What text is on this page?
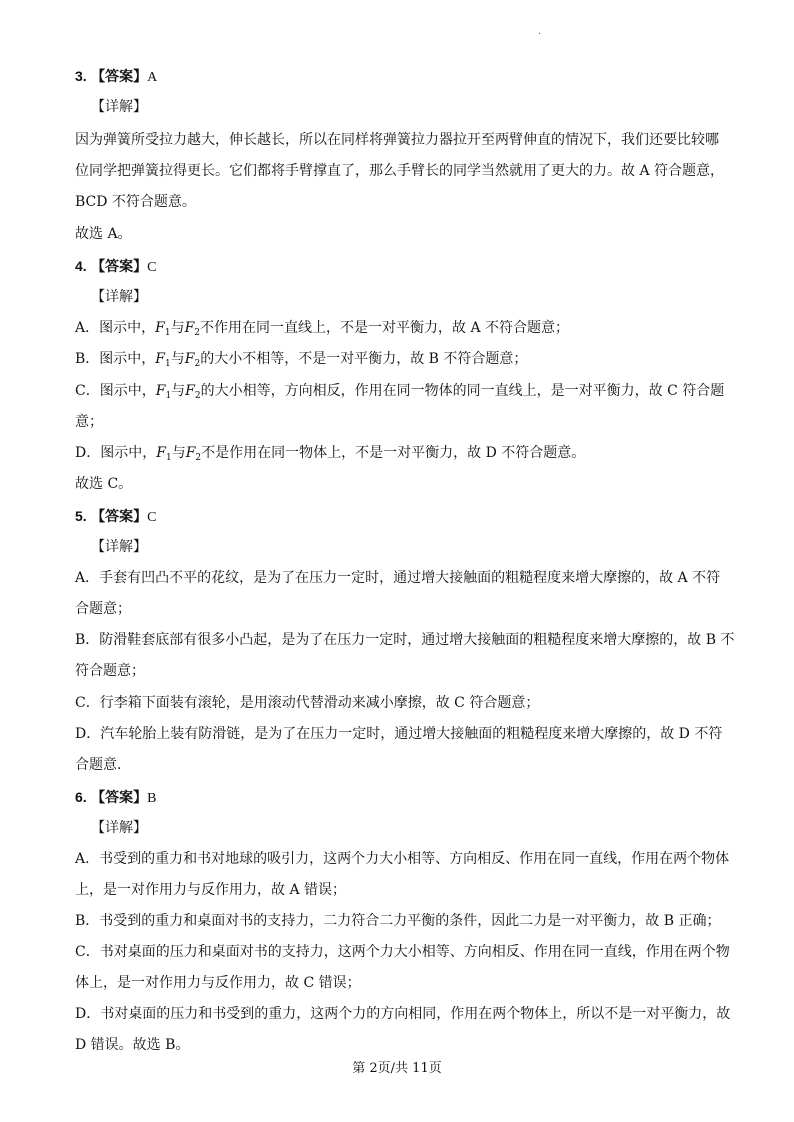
.
3. 【答案】A
【详解】
因为弹簧所受拉力越大，伸长越长，所以在同样将弹簧拉力器拉开至两臂伸直的情况下，我们还要比较哪
位同学把弹簧拉得更长。它们都将手臂撑直了，那么手臂长的同学当然就用了更大的力。故 A 符合题意，
BCD 不符合题意。
故选 A。
4. 【答案】C
【详解】
A．图示中，$F_1$与$F_2$不作用在同一直线上，不是一对平衡力，故 A 不符合题意；
B．图示中，$F_1$与$F_2$的大小不相等，不是一对平衡力，故 B 不符合题意；
C．图示中，$F_1$与$F_2$的大小相等，方向相反，作用在同一物体的同一直线上，是一对平衡力，故 C 符合题
意；
D．图示中，$F_1$与$F_2$不是作用在同一物体上，不是一对平衡力，故 D 不符合题意。
故选 C。
5. 【答案】C
【详解】
A．手套有凹凸不平的花纹，是为了在压力一定时，通过增大接触面的粗糙程度来增大摩擦的，故 A 不符
合题意；
B．防滑鞋套底部有很多小凸起，是为了在压力一定时，通过增大接触面的粗糙程度来增大摩擦的，故 B 不
符合题意；
C．行李箱下面装有滚轮，是用滚动代替滑动来减小摩擦，故 C 符合题意；
D．汽车轮胎上装有防滑链，是为了在压力一定时，通过增大接触面的粗糙程度来增大摩擦的，故 D 不符
合题意.
6. 【答案】B
【详解】
A．书受到的重力和书对地球的吸引力，这两个力大小相等、方向相反、作用在同一直线，作用在两个物体
上，是一对作用力与反作用力，故 A 错误；
B．书受到的重力和桌面对书的支持力，二力符合二力平衡的条件，因此二力是一对平衡力，故 B 正确；
C．书对桌面的压力和桌面对书的支持力，这两个力大小相等、方向相反、作用在同一直线，作用在两个物
体上，是一对作用力与反作用力，故 C 错误；
D．书对桌面的压力和书受到的重力，这两个力的方向相同，作用在两个物体上，所以不是一对平衡力，故
D 错误。故选 B。
第 2页/共 11页
